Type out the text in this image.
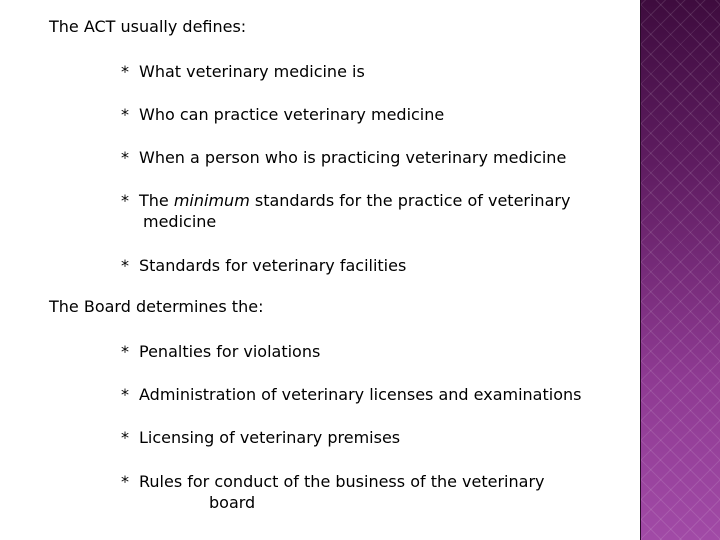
The ACT usually defines:

* What veterinary medicine is

* Who can practice veterinary medicine

* When a person who is practicing veterinary medicine

* The minimum standards for the practice of veterinary
medicine

* Standards for veterinary facilities

The Board determines the:

* Penalties for violations

* Administration of veterinary licenses and examinations

* Licensing of veterinary premises

* Rules for conduct of the business of the veterinary
board
